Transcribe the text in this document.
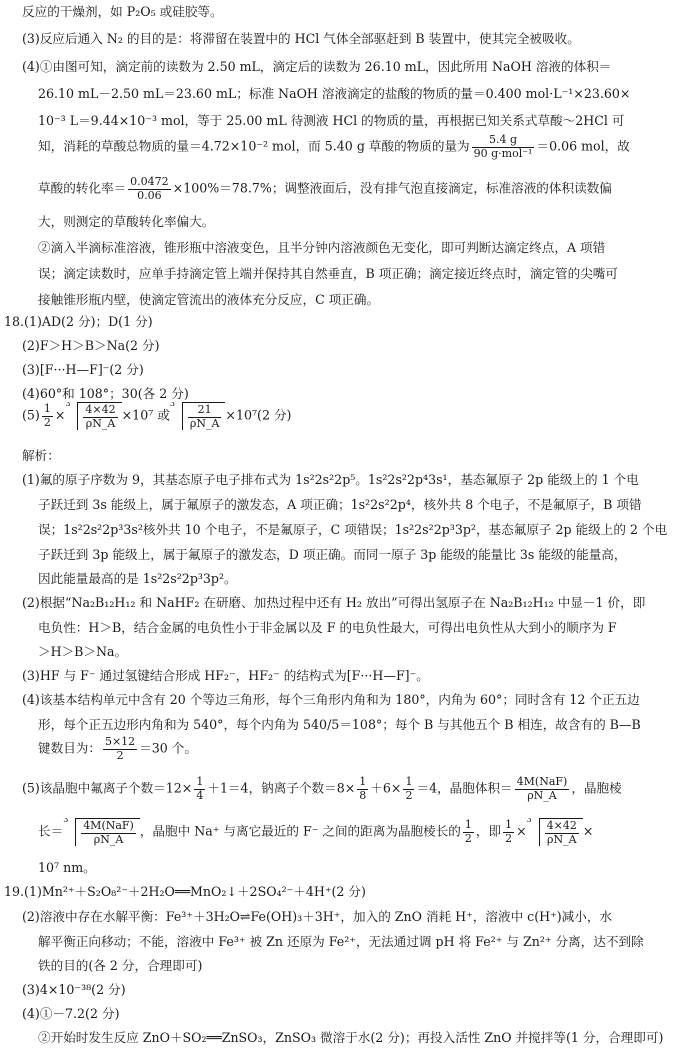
反应的干燥剂，如 P₂O₅ 或硅胶等。
(3)反应后通入 N₂ 的目的是：将滞留在装置中的 HCl 气体全部驱赶到 B 装置中，使其完全被吸收。
(4)①由图可知，滴定前的读数为 2.50 mL，滴定后的读数为 26.10 mL，因此所用 NaOH 溶液的体积＝
26.10 mL－2.50 mL＝23.60 mL；标准 NaOH 溶液滴定的盐酸的物质的量＝0.400 mol·L⁻¹×23.60×
10⁻³ L＝9.44×10⁻³ mol，等于 25.00 mL 待测液 HCl 的物质的量，再根据已知关系式草酸～2HCl 可
知，消耗的草酸总物质的量＝4.72×10⁻² mol，而 5.40 g 草酸的物质的量为 $\frac{5.4 g}{\text{90 g·mol⁻¹}} =0.06$ mol，故
草酸的转化率＝ $\frac{0.0472}{0.06} \times 100\%=78.7\%$；调整液面后，没有排气泡直接滴定，标准溶液的体积读数偏
大，则测定的草酸转化率偏大。
②滴入半滴标准溶液，锥形瓶中溶液变色，且半分钟内溶液颜色无变化，即可判断达滴定终点，A 项错
误；滴定读数时，应单手持滴定管上端并保持其自然垂直，B 项正确；滴定接近终点时，滴定管的尖嘴可
接触锥形瓶内壁，使滴定管流出的液体充分反应，C 项正确。
18.(1)AD(2 分)；D(1 分)
(2)F＞H＞B＞Na(2 分)
(3)[F···H—F]⁻(2 分)
(4)60°和 108°；30(各 2 分)
$(5) \frac{1}{2}$ ×
3
$\frac{4\times 42}{\rho N\_A} \times 10^7$ 或
3
$\frac{21}{\rho N\_A} \times 10^7(2$ 分)
解析：
(1)氟的原子序数为 9，其基态原子电子排布式为 1s²2s²2p⁵。1s²2s²2p⁴3s¹，基态氟原子 2p 能级上的 1 个电
子跃迁到 3s 能级上，属于氟原子的激发态，A 项正确；1s²2s²2p⁴，核外共 8 个电子，不是氟原子，B 项错
误；1s²2s²2p³3s²核外共 10 个电子，不是氟原子，C 项错误；1s²2s²2p³3p²，基态氟原子 2p 能级上的 2 个电
子跃迁到 3p 能级上，属于氟原子的激发态，D 项正确。而同一原子 3p 能级的能量比 3s 能级的能量高，
因此能量最高的是 1s²2s²2p³3p²。
(2)根据“Na₂B₁₂H₁₂ 和 NaHF₂ 在研磨、加热过程中还有 H₂ 放出”可得出氢原子在 Na₂B₁₂H₁₂ 中显－1 价，即
电负性：H＞B，结合金属的电负性小于非金属以及 F 的电负性最大，可得出电负性从大到小的顺序为 F
＞H＞B＞Na。
(3)HF 与 F⁻ 通过氢键结合形成 HF₂⁻，HF₂⁻ 的结构式为[F···H—F]⁻。
(4)该基本结构单元中含有 20 个等边三角形，每个三角形内角和为 180°，内角为 60°；同时含有 12 个正五边
形，每个正五边形内角和为 540°，每个内角为 540/5＝108°；每个 B 与其他五个 B 相连，故含有的 B—B
键数目为： $\frac{5\times 12}{2} =30$ 个。
(5)该晶胞中氟离子个数$=12\times \frac{1}{4} +1=4$，钠离子个数$=8\times \frac{1}{8} +6\times \frac{1}{2} =4$，晶胞体积＝ $\frac{\text{4M(NaF)}}{\rho N\_A}$ ，晶胞棱
长＝
3
$\frac{\text{4M(NaF)}}{\rho N\_A}$ ，晶胞中 Na⁺ 与离它最近的 F⁻ 之间的距离为晶胞棱长的 $\frac{1}{2}$ ，即 $\frac{1}{2}$ ×
3
$\frac{4\times 42}{\rho N\_A}$ ×
10⁷ nm。
19.(1)Mn²⁺＋S₂O₈²⁻＋2H₂O══MnO₂↓＋2SO₄²⁻＋4H⁺(2 分)
(2)溶液中存在水解平衡：Fe³⁺＋3H₂O⇌Fe(OH)₃＋3H⁺，加入的 ZnO 消耗 H⁺，溶液中 c(H⁺)减小，水
解平衡正向移动；不能，溶液中 Fe³⁺ 被 Zn 还原为 Fe²⁺，无法通过调 pH 将 Fe²⁺ 与 Zn²⁺ 分离，达不到除
铁的目的(各 2 分，合理即可)
(3)4×10⁻³⁸(2 分)
(4)①－7.2(2 分)
②开始时发生反应 ZnO＋SO₂══ZnSO₃，ZnSO₃ 微溶于水(2 分)；再投入活性 ZnO 并搅拌等(1 分，合理即可)
